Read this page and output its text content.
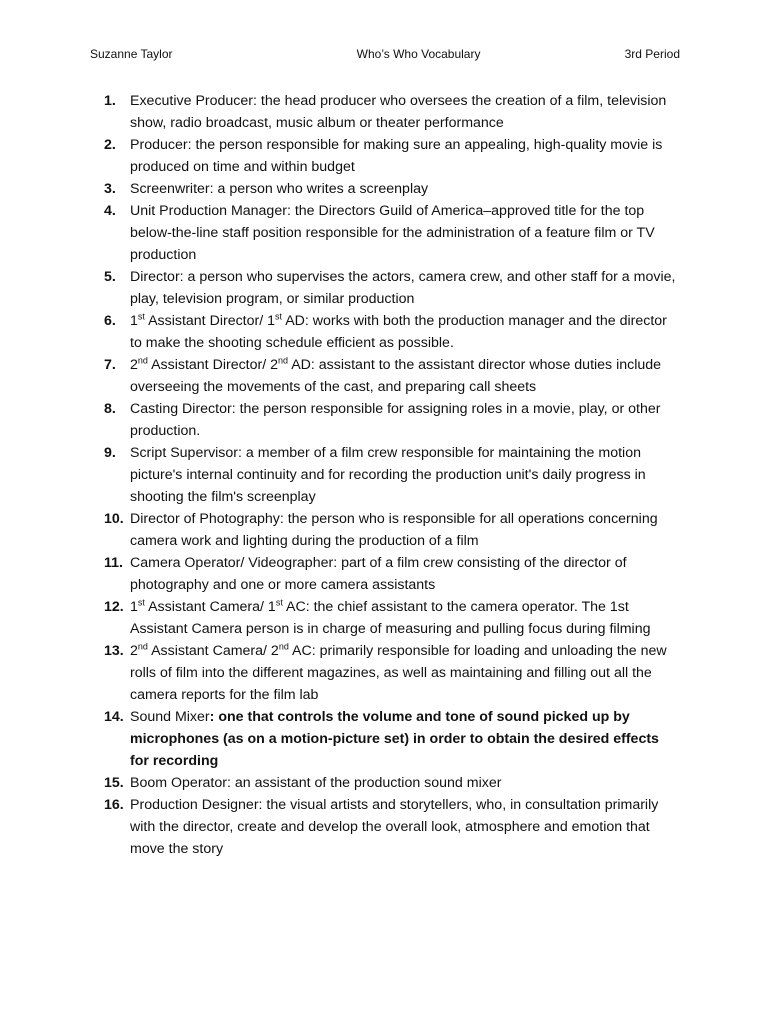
Suzanne Taylor	Who’s Who Vocabulary	3rd Period
1. Executive Producer: the head producer who oversees the creation of a film, television show, radio broadcast, music album or theater performance
2. Producer: the person responsible for making sure an appealing, high-quality movie is produced on time and within budget
3. Screenwriter: a person who writes a screenplay
4. Unit Production Manager: the Directors Guild of America–approved title for the top below-the-line staff position responsible for the administration of a feature film or TV production
5. Director: a person who supervises the actors, camera crew, and other staff for a movie, play, television program, or similar production
6. 1st Assistant Director/ 1st AD: works with both the production manager and the director to make the shooting schedule efficient as possible.
7. 2nd Assistant Director/ 2nd AD: assistant to the assistant director whose duties include overseeing the movements of the cast, and preparing call sheets
8. Casting Director: the person responsible for assigning roles in a movie, play, or other production.
9. Script Supervisor: a member of a film crew responsible for maintaining the motion picture's internal continuity and for recording the production unit's daily progress in shooting the film's screenplay
10. Director of Photography: the person who is responsible for all operations concerning camera work and lighting during the production of a film
11. Camera Operator/ Videographer: part of a film crew consisting of the director of photography and one or more camera assistants
12. 1st Assistant Camera/ 1st AC: the chief assistant to the camera operator. The 1st Assistant Camera person is in charge of measuring and pulling focus during filming
13. 2nd Assistant Camera/ 2nd AC: primarily responsible for loading and unloading the new rolls of film into the different magazines, as well as maintaining and filling out all the camera reports for the film lab
14. Sound Mixer: one that controls the volume and tone of sound picked up by microphones (as on a motion-picture set) in order to obtain the desired effects for recording
15. Boom Operator: an assistant of the production sound mixer
16. Production Designer: the visual artists and storytellers, who, in consultation primarily with the director, create and develop the overall look, atmosphere and emotion that move the story
